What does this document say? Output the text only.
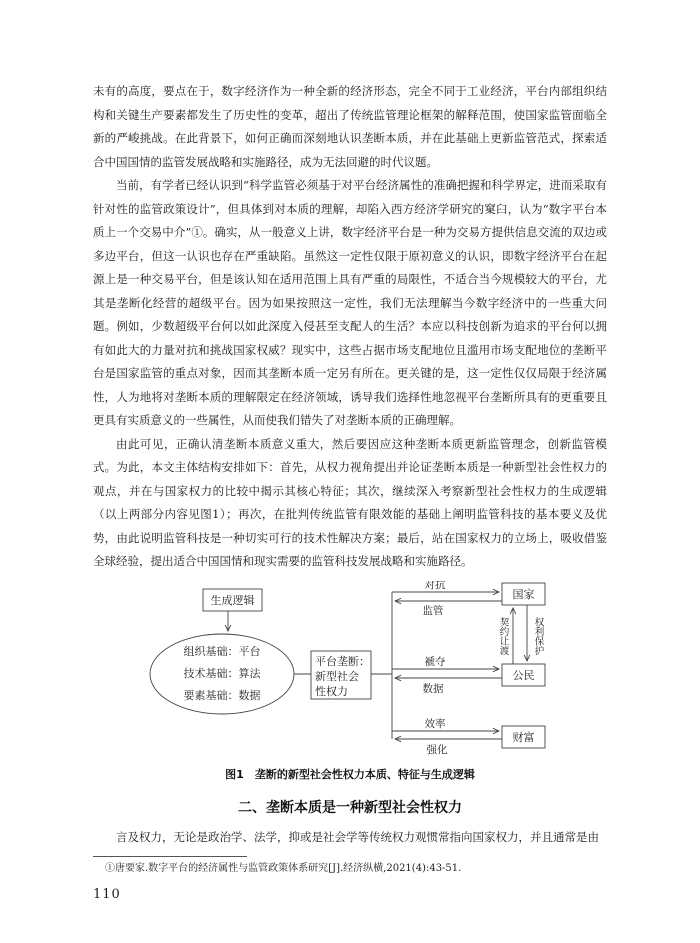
未有的高度，要点在于，数字经济作为一种全新的经济形态，完全不同于工业经济，平台内部组织结构和关键生产要素都发生了历史性的变革，超出了传统监管理论框架的解释范围，使国家监管面临全新的严峻挑战。在此背景下，如何正确而深刻地认识垄断本质，并在此基础上更新监管范式，探索适合中国国情的监管发展战略和实施路径，成为无法回避的时代议题。

当前，有学者已经认识到“科学监管必须基于对平台经济属性的准确把握和科学界定，进而采取有针对性的监管政策设计”，但具体到对本质的理解，却陷入西方经济学研究的窠臼，认为“数字平台本质上一个交易中介”①。确实，从一般意义上讲，数字经济平台是一种为交易方提供信息交流的双边或多边平台，但这一认识也存在严重缺陷。虽然这一定性仅限于原初意义的认识，即数字经济平台在起源上是一种交易平台，但是该认知在适用范围上具有严重的局限性，不适合当今规模较大的平台，尤其是垄断化经营的超级平台。因为如果按照这一定性，我们无法理解当今数字经济中的一些重大问题。例如，少数超级平台何以如此深度入侵甚至支配人的生活？本应以科技创新为追求的平台何以拥有如此大的力量对抗和挑战国家权威？现实中，这些占据市场支配地位且滥用市场支配地位的垄断平台是国家监管的重点对象，因而其垄断本质一定另有所在。更关键的是，这一定性仅仅局限于经济属性，人为地将对垄断本质的理解限定在经济领域，诱导我们选择性地忽视平台垄断所具有的更重要且更具有实质意义的一些属性，从而使我们错失了对垄断本质的正确理解。

由此可见，正确认清垄断本质意义重大，然后要因应这种垄断本质更新监管理念，创新监管模式。为此，本文主体结构安排如下：首先，从权力视角提出并论证垄断本质是一种新型社会性权力的观点，并在与国家权力的比较中揭示其核心特征；其次，继续深入考察新型社会性权力的生成逻辑（以上两部分内容见图1）；再次，在批判传统监管有限效能的基础上阐明监管科技的基本要义及优势，由此说明监管科技是一种切实可行的技术性解决方案；最后，站在国家权力的立场上，吸收借鉴全球经验，提出适合中国国情和现实需要的监管科技发展战略和实施路径。

生成逻辑
组织基础：平台
技术基础：算法
要素基础：数据
平台垄断：
新型社会
性权力
对抗
监管
国家
契约让渡	权利保护
褫夺
数据
公民
效率
强化
财富
图1　垄断的新型社会性权力本质、特征与生成逻辑
二、垄断本质是一种新型社会性权力

言及权力，无论是政治学、法学，抑或是社会学等传统权力观惯常指向国家权力，并且通常是由

①唐要家.数字平台的经济属性与监管政策体系研究[J].经济纵横,2021(4):43-51.

110
